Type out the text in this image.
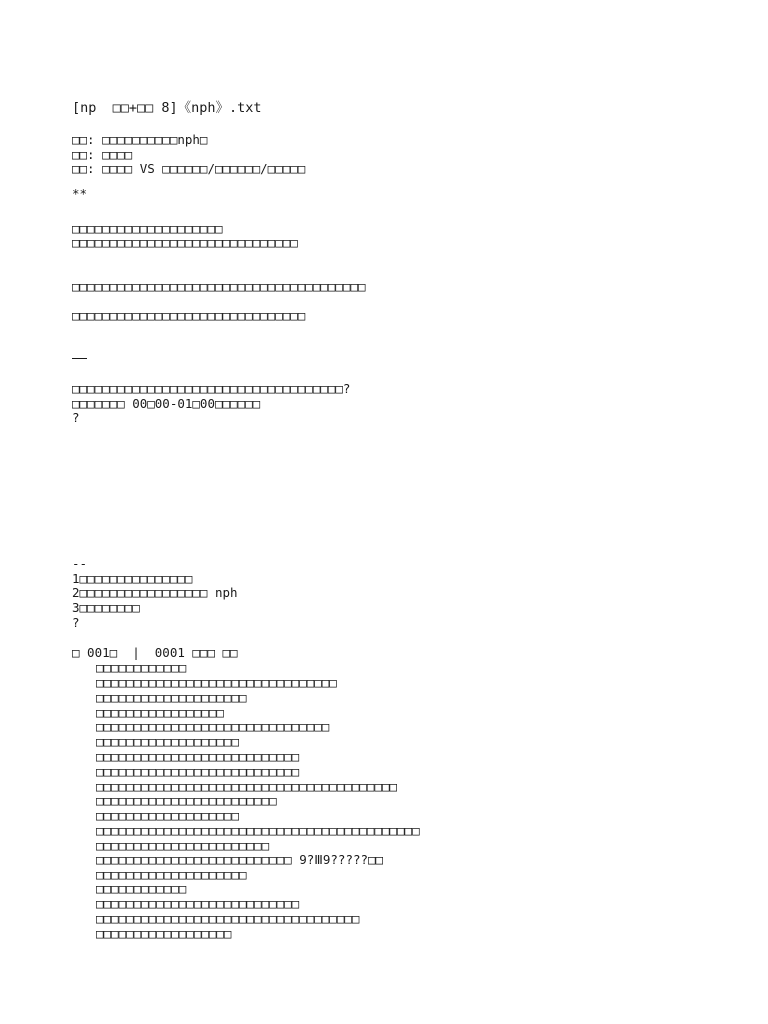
[np  □□+□□ 8]《nph》.txt
□□: □□□□□□□□□□nph□
□□: □□□□
□□: □□□□ VS □□□□□□/□□□□□□/□□□□□
**
□□□□□□□□□□□□□□□□□□□□
□□□□□□□□□□□□□□□□□□□□□□□□□□□□□□
□□□□□□□□□□□□□□□□□□□□□□□□□□□□□□□□□□□□□□□
□□□□□□□□□□□□□□□□□□□□□□□□□□□□□□□
□□□□□□□□□□□□□□□□□□□□□□□□□□□□□□□□□□□□?
□□□□□□□ 00□00-01□00□□□□□□
?
--
1□□□□□□□□□□□□□□□
2□□□□□□□□□□□□□□□□□ nph
3□□□□□□□□
?
□ 001□  |  0001 □□□ □□
□□□□□□□□□□□□
□□□□□□□□□□□□□□□□□□□□□□□□□□□□□□□□
□□□□□□□□□□□□□□□□□□□□
□□□□□□□□□□□□□□□□□
□□□□□□□□□□□□□□□□□□□□□□□□□□□□□□□
□□□□□□□□□□□□□□□□□□□
□□□□□□□□□□□□□□□□□□□□□□□□□□□
□□□□□□□□□□□□□□□□□□□□□□□□□□□
□□□□□□□□□□□□□□□□□□□□□□□□□□□□□□□□□□□□□□□□
□□□□□□□□□□□□□□□□□□□□□□□□
□□□□□□□□□□□□□□□□□□□
□□□□□□□□□□□□□□□□□□□□□□□□□□□□□□□□□□□□□□□□□□□
□□□□□□□□□□□□□□□□□□□□□□□
□□□□□□□□□□□□□□□□□□□□□□□□□□ 9?Ⅲ9?????□□
□□□□□□□□□□□□□□□□□□□□
□□□□□□□□□□□□
□□□□□□□□□□□□□□□□□□□□□□□□□□□
□□□□□□□□□□□□□□□□□□□□□□□□□□□□□□□□□□□
□□□□□□□□□□□□□□□□□□
